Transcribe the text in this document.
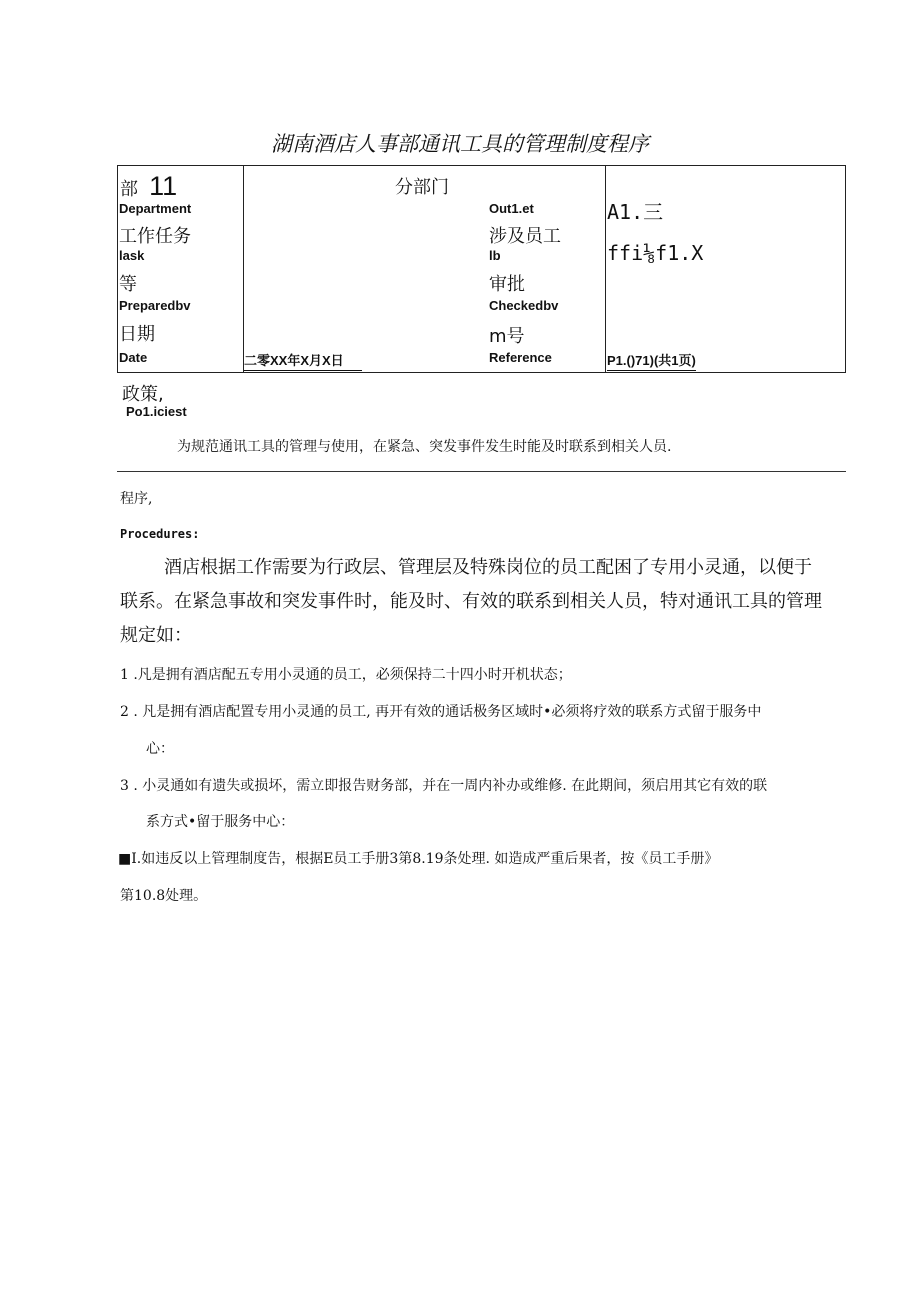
湖南酒店人事部通讯工具的管理制度程序
部 11
Department
工作任务
lask
等
Preparedbv
日期
Date
分部门
二零XX年X月X日
Out1.et
涉及员工
lb
审批
Checkedbv
m号
Reference
A1.三
ffi⅛f1.X
P1.()71)(共1页)
政策,
Po1.iciest
为规范通讯工具的管理与使用，在紧急、突发事件发生时能及时联系到相关人员.
程序,
Procedures:
酒店根据工作需要为行政层、管理层及特殊岗位的员工配困了专用小灵通，以便于
联系。在紧急事故和突发事件时，能及时、有效的联系到相关人员，特对通讯工具的管理
规定如：
1 .凡是拥有酒店配五专用小灵通的员工，必须保持二十四小时开机状态；
2 . 凡是拥有酒店配置专用小灵通的员工, 再开有效的通话极务区域时•必须将疗效的联系方式留于服务中
心：
3 . 小灵通如有遗失或损坏，需立即报告财务部，并在一周内补办或维修. 在此期间，须启用其它有效的联
系方式•留于服务中心：
■I.如违反以上管理制度告，根据E员工手册3第8.19条处理. 如造成严重后果者，按《员工手册》
第10.8处理。
